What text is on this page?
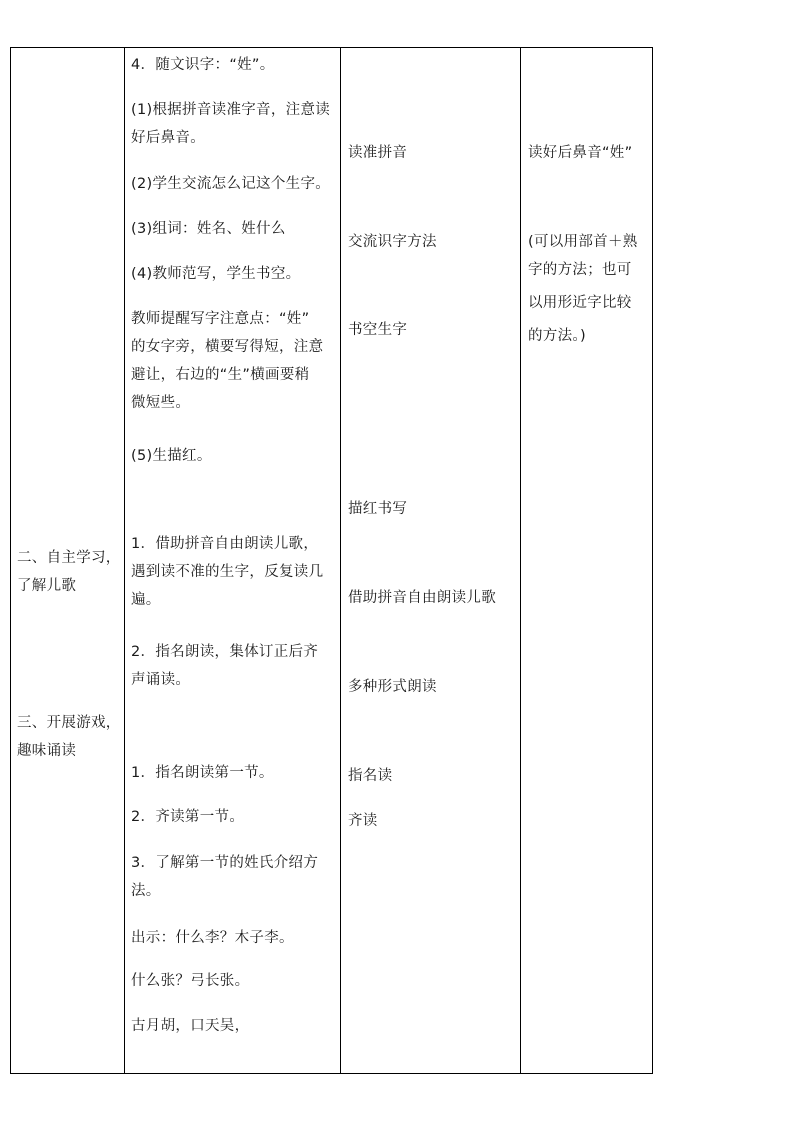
二、自主学习，
了解儿歌
三、开展游戏，
趣味诵读
4．随文识字：“姓”。
(1)根据拼音读准字音，注意读
好后鼻音。
(2)学生交流怎么记这个生字。
(3)组词：姓名、姓什么
(4)教师范写，学生书空。
教师提醒写字注意点：“姓”
的女字旁，横要写得短，注意
避让，右边的“生”横画要稍
微短些。
(5)生描红。
1．借助拼音自由朗读儿歌，
遇到读不准的生字，反复读几
遍。
2．指名朗读，集体订正后齐
声诵读。
1．指名朗读第一节。
2．齐读第一节。
3．了解第一节的姓氏介绍方
法。
出示：什么李？木子李。
什么张？弓长张。
古月胡，口天吴，
读准拼音
交流识字方法
书空生字
描红书写
借助拼音自由朗读儿歌
多种形式朗读
指名读
齐读
读好后鼻音“姓”
(可以用部首＋熟
字的方法；也可
以用形近字比较
的方法。)
